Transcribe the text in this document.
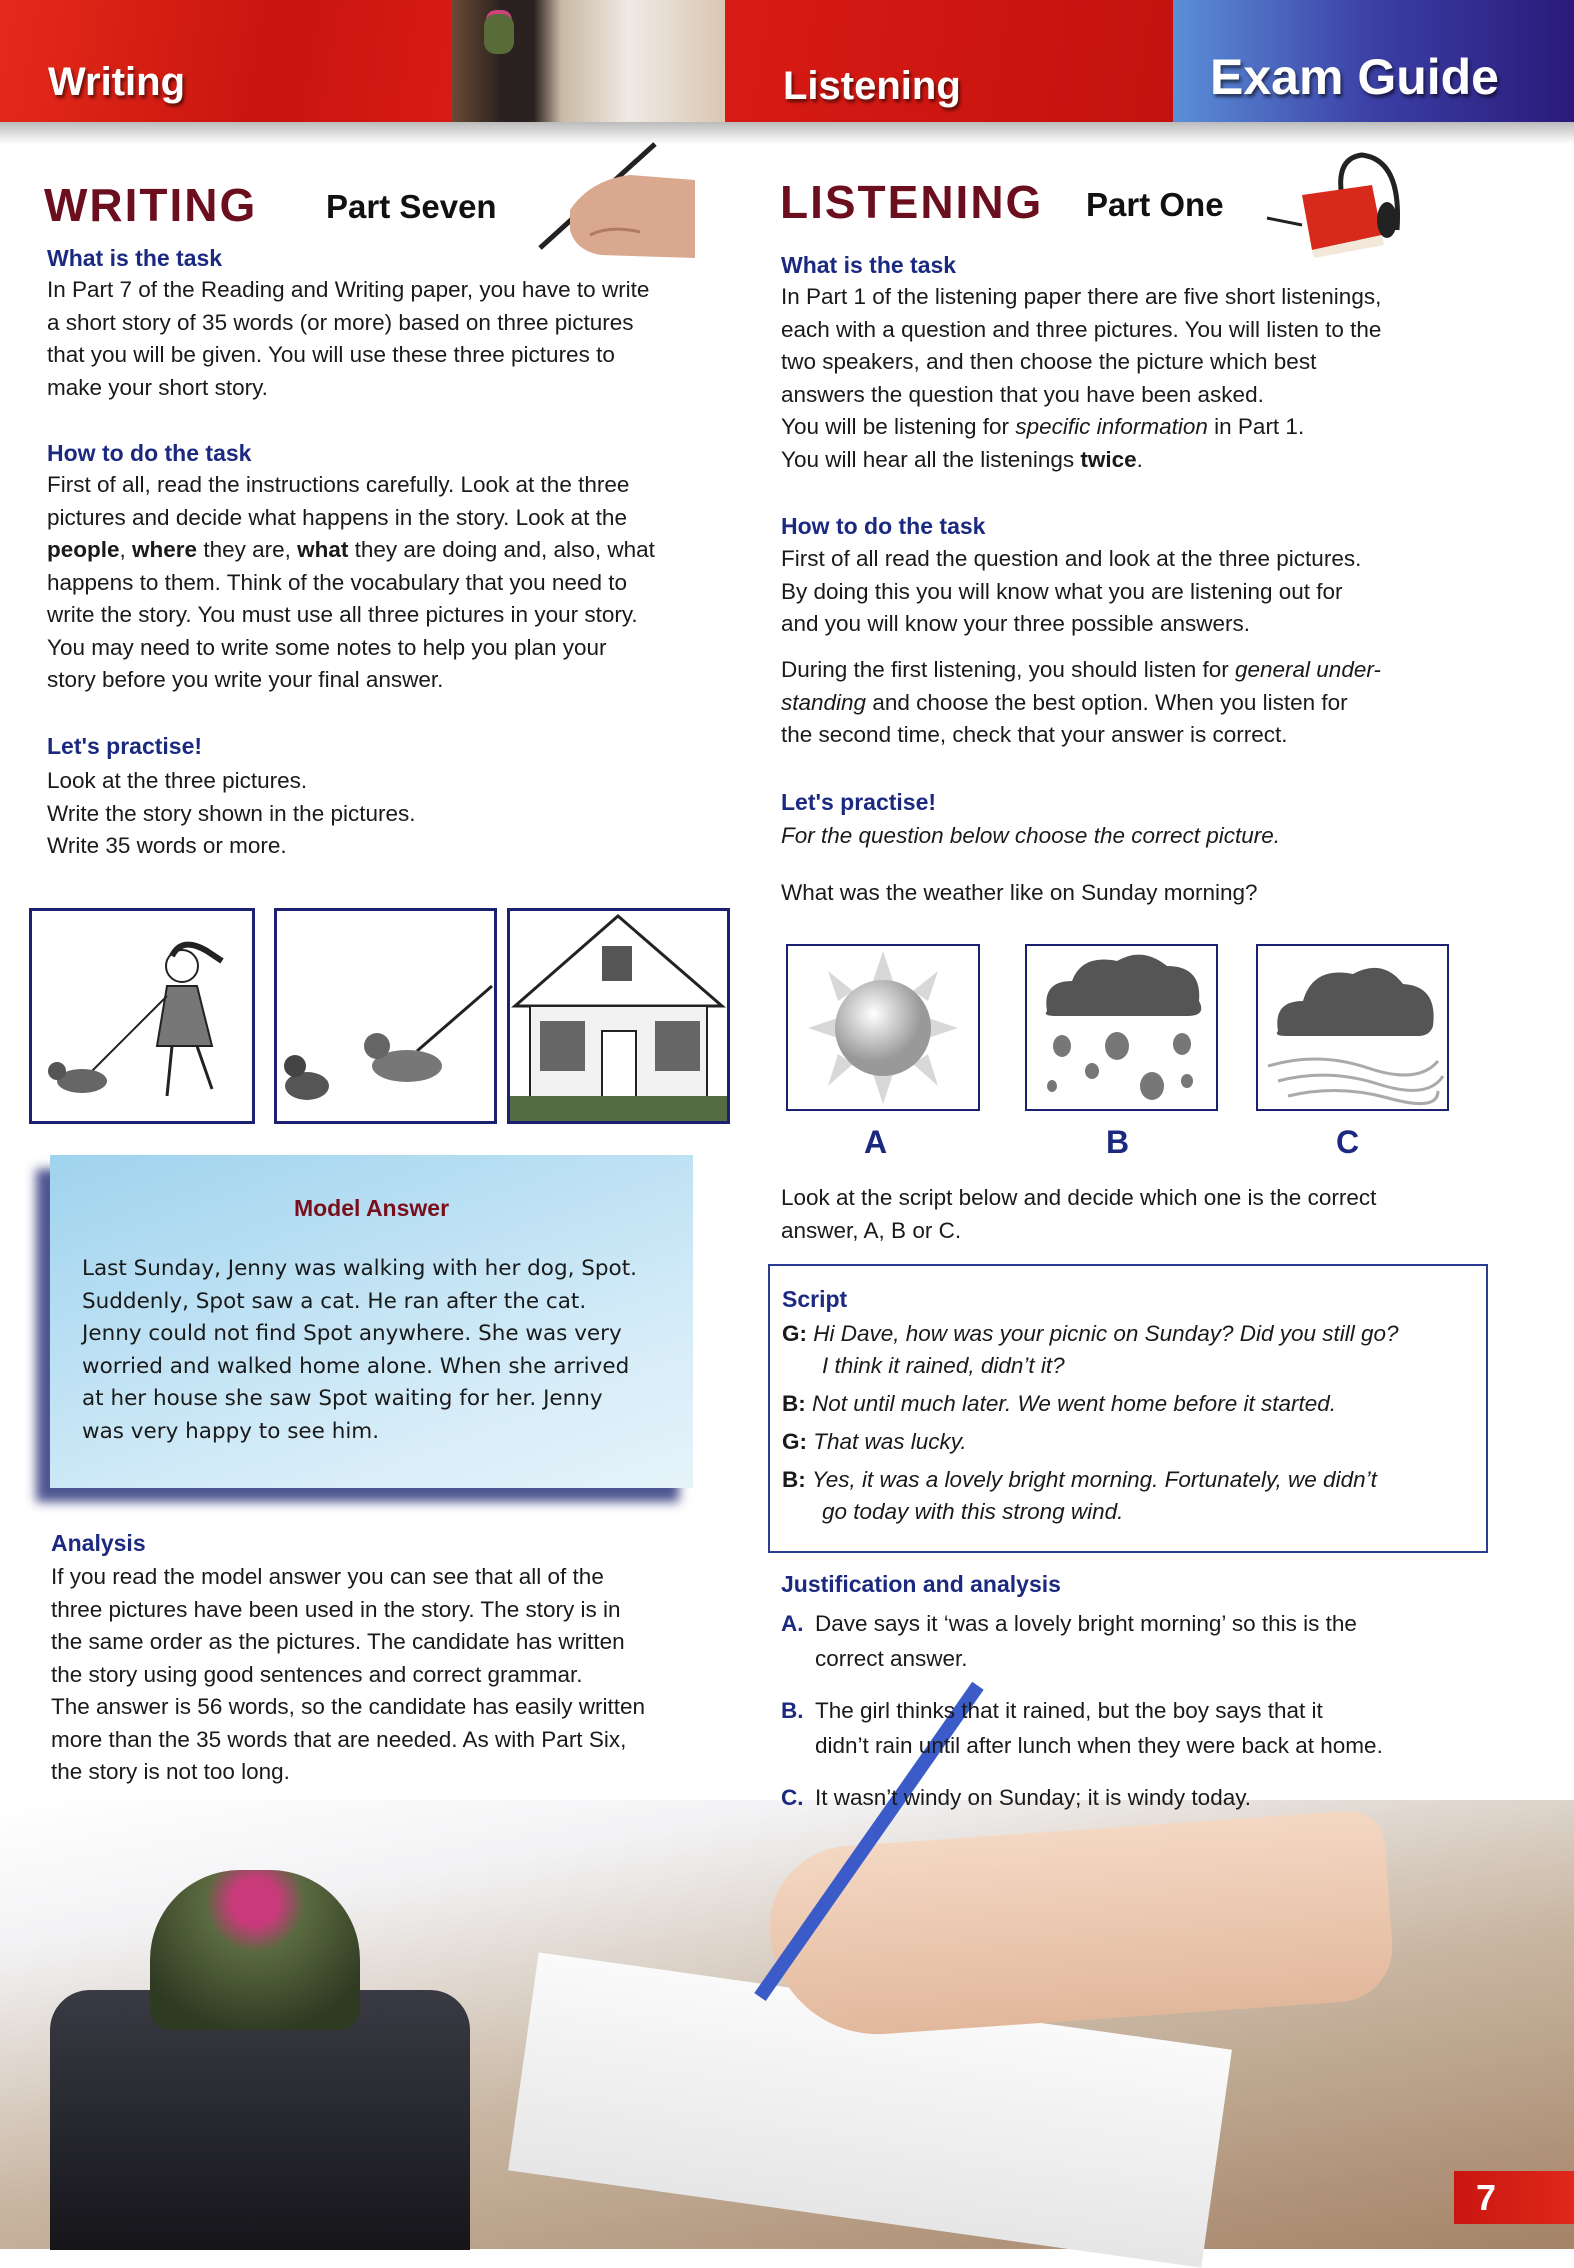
Writing	Listening	Exam Guide
WRITING Part Seven
What is the task
In Part 7 of the Reading and Writing paper, you have to write
a short story of 35 words (or more) based on three pictures
that you will be given. You will use these three pictures to
make your short story.
How to do the task
First of all, read the instructions carefully. Look at the three
pictures and decide what happens in the story. Look at the
people, where they are, what they are doing and, also, what
happens to them. Think of the vocabulary that you need to
write the story. You must use all three pictures in your story.
You may need to write some notes to help you plan your
story before you write your final answer.
Let's practise!
Look at the three pictures.
Write the story shown in the pictures.
Write 35 words or more.
Model Answer
Last Sunday, Jenny was walking with her dog, Spot.
Suddenly, Spot saw a cat. He ran after the cat.
Jenny could not find Spot anywhere. She was very
worried and walked home alone. When she arrived
at her house she saw Spot waiting for her. Jenny
was very happy to see him.
Analysis
If you read the model answer you can see that all of the
three pictures have been used in the story. The story is in
the same order as the pictures. The candidate has written
the story using good sentences and correct grammar.
The answer is 56 words, so the candidate has easily written
more than the 35 words that are needed. As with Part Six,
the story is not too long.
LISTENING Part One
What is the task
In Part 1 of the listening paper there are five short listenings,
each with a question and three pictures. You will listen to the
two speakers, and then choose the picture which best
answers the question that you have been asked.
You will be listening for specific information in Part 1.
You will hear all the listenings twice.
How to do the task
First of all read the question and look at the three pictures.
By doing this you will know what you are listening out for
and you will know your three possible answers.
During the first listening, you should listen for general under-
standing and choose the best option. When you listen for
the second time, check that your answer is correct.
Let's practise!
For the question below choose the correct picture.
What was the weather like on Sunday morning?
A	B	C
Look at the script below and decide which one is the correct
answer, A, B or C.
Script
G: Hi Dave, how was your picnic on Sunday? Did you still go?
I think it rained, didn’t it?
B: Not until much later. We went home before it started.
G: That was lucky.
B: Yes, it was a lovely bright morning. Fortunately, we didn’t
go today with this strong wind.
Justification and analysis
A. Dave says it ‘was a lovely bright morning’ so this is the
correct answer.
B. The girl thinks that it rained, but the boy says that it
didn’t rain until after lunch when they were back at home.
C. It wasn’t windy on Sunday; it is windy today.
7
